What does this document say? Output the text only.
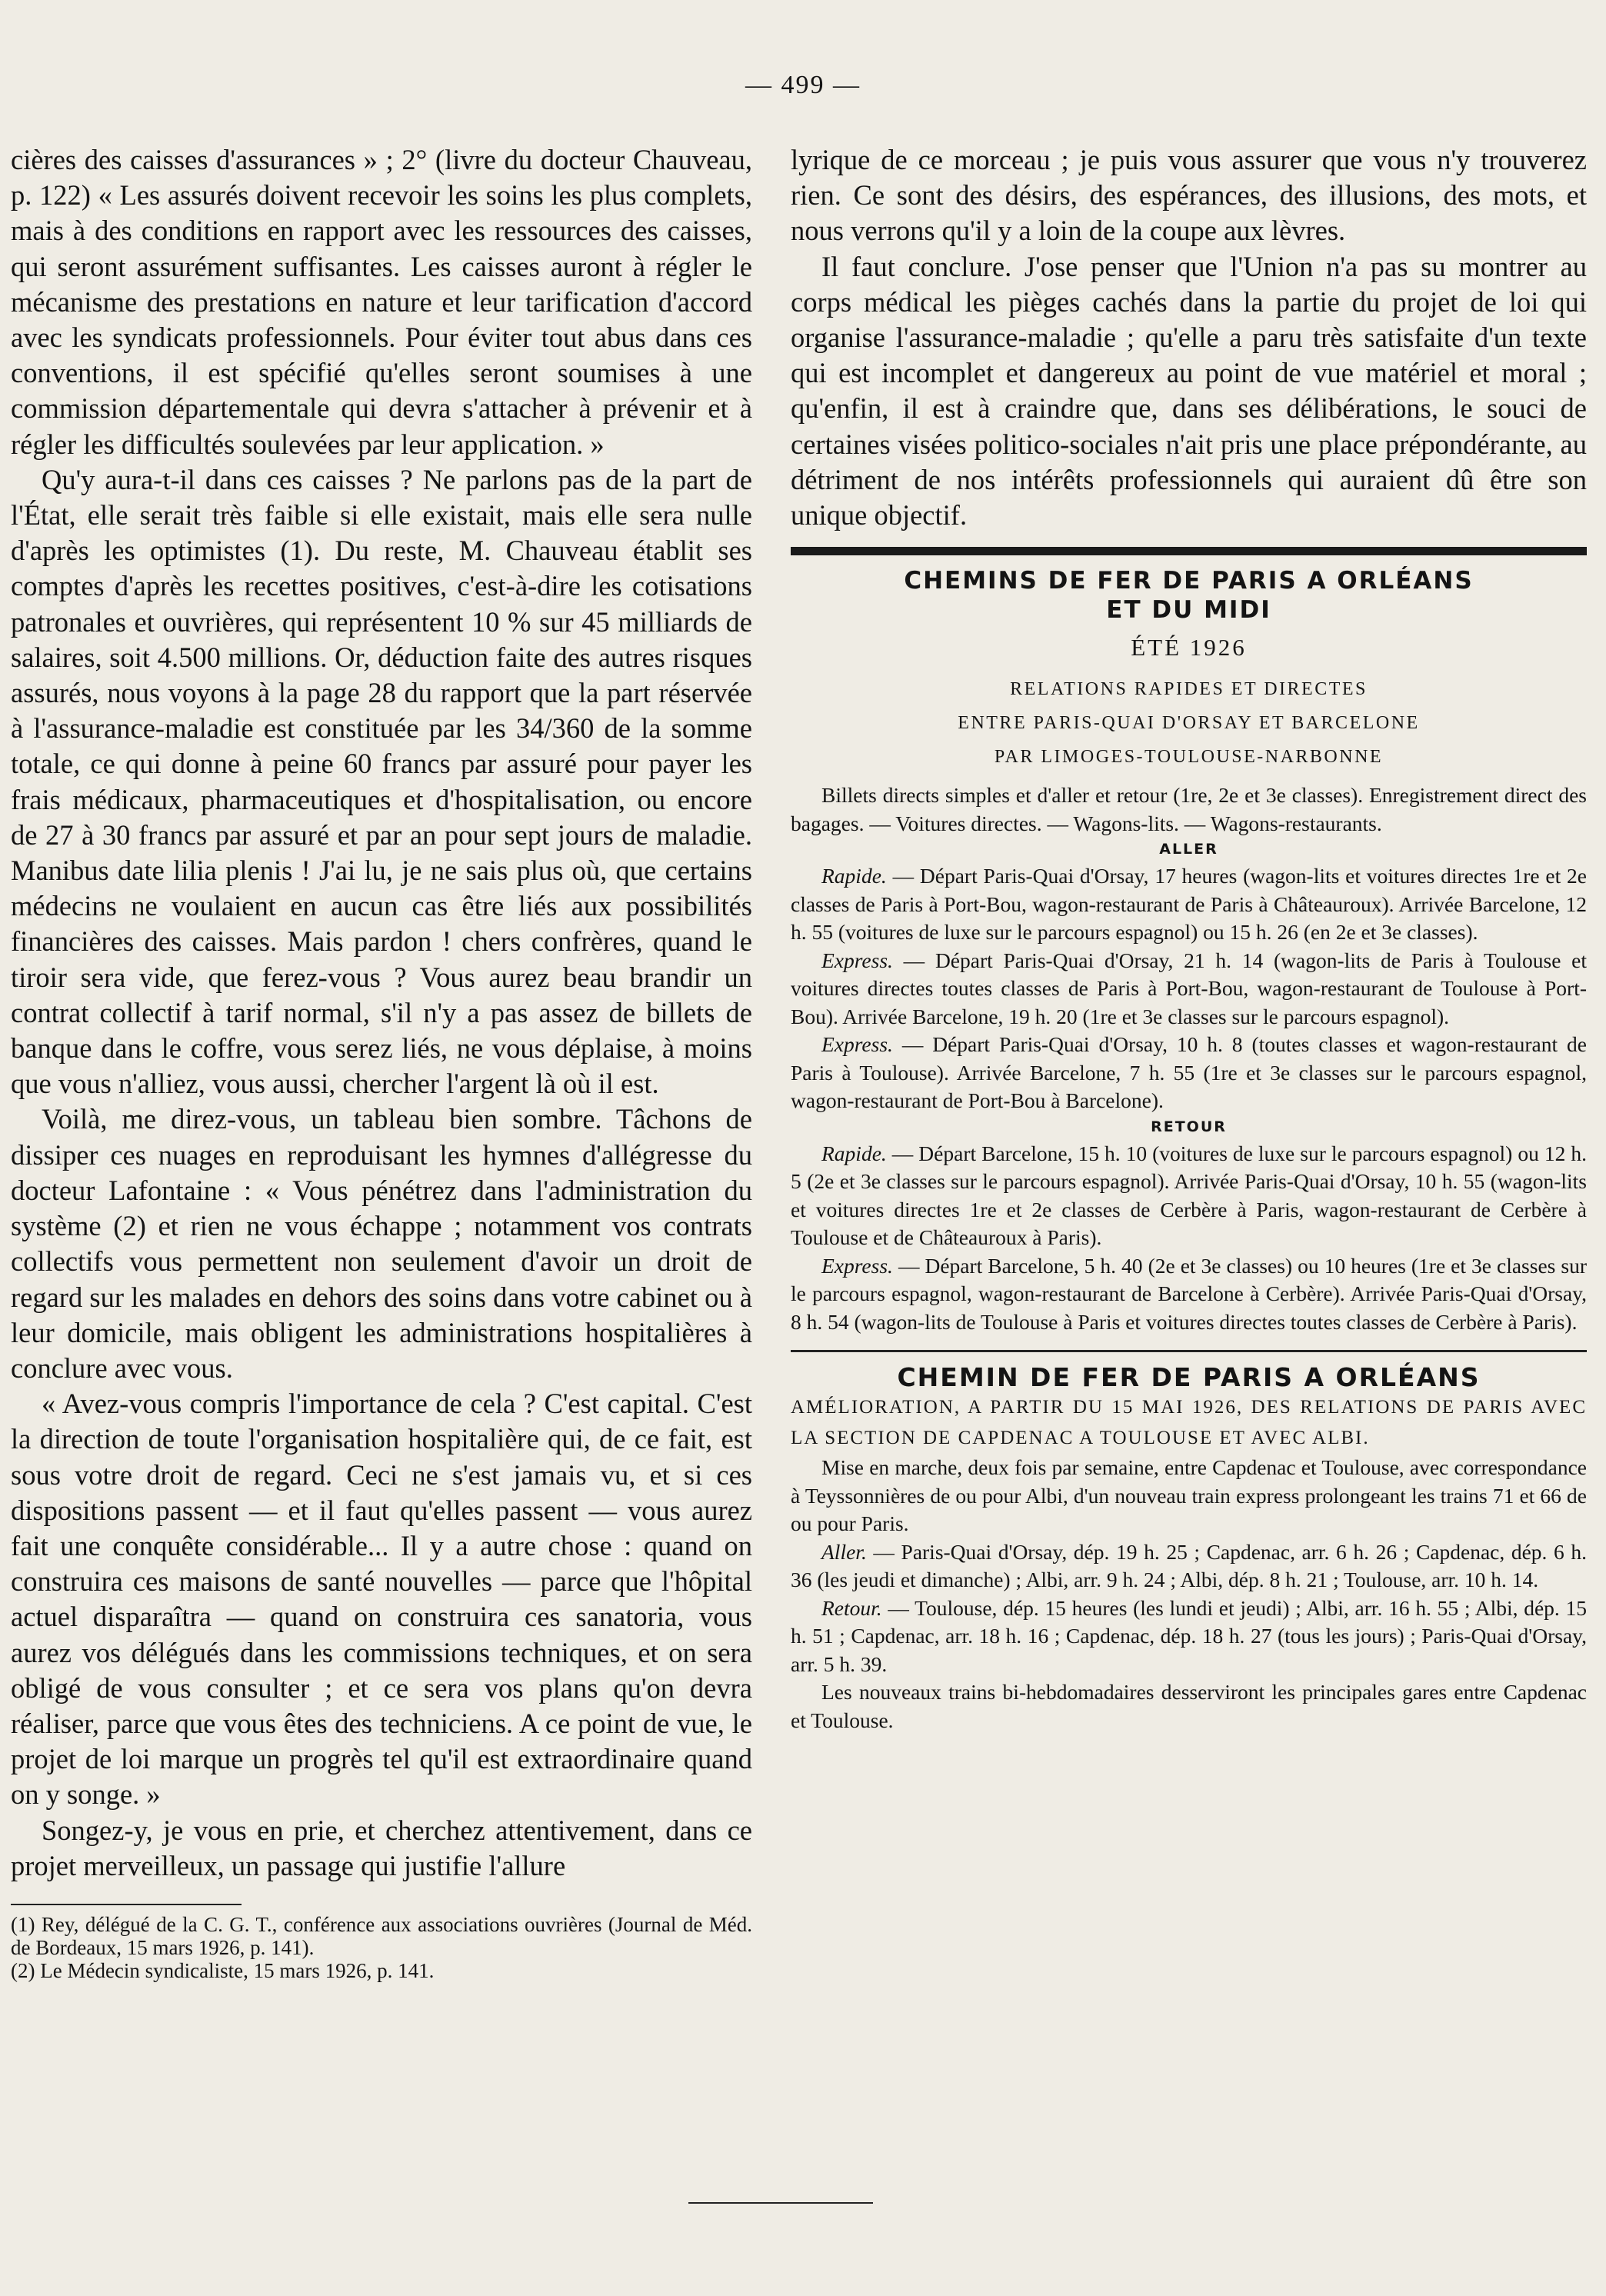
— 499 —

cières des caisses d'assurances » ; 2° (livre du docteur Chauveau, p. 122) « Les assurés doivent recevoir les soins les plus complets, mais à des conditions en rapport avec les ressources des caisses, qui seront assurément suffisantes. Les caisses auront à régler le mécanisme des prestations en nature et leur tarification d'accord avec les syndicats professionnels. Pour éviter tout abus dans ces conventions, il est spécifié qu'elles seront soumises à une commission départementale qui devra s'attacher à prévenir et à régler les difficultés soulevées par leur application. »

Qu'y aura-t-il dans ces caisses ? Ne parlons pas de la part de l'État, elle serait très faible si elle existait, mais elle sera nulle d'après les optimistes (1). Du reste, M. Chauveau établit ses comptes d'après les recettes positives, c'est-à-dire les cotisations patronales et ouvrières, qui représentent 10 % sur 45 milliards de salaires, soit 4.500 millions. Or, déduction faite des autres risques assurés, nous voyons à la page 28 du rapport que la part réservée à l'assurance-maladie est constituée par les 34/360 de la somme totale, ce qui donne à peine 60 francs par assuré pour payer les frais médicaux, pharmaceutiques et d'hospitalisation, ou encore de 27 à 30 francs par assuré et par an pour sept jours de maladie. Manibus date lilia plenis ! J'ai lu, je ne sais plus où, que certains médecins ne voulaient en aucun cas être liés aux possibilités financières des caisses. Mais pardon ! chers confrères, quand le tiroir sera vide, que ferez-vous ? Vous aurez beau brandir un contrat collectif à tarif normal, s'il n'y a pas assez de billets de banque dans le coffre, vous serez liés, ne vous déplaise, à moins que vous n'alliez, vous aussi, chercher l'argent là où il est.

Voilà, me direz-vous, un tableau bien sombre. Tâchons de dissiper ces nuages en reproduisant les hymnes d'allégresse du docteur Lafontaine : « Vous pénétrez dans l'administration du système (2) et rien ne vous échappe ; notamment vos contrats collectifs vous permettent non seulement d'avoir un droit de regard sur les malades en dehors des soins dans votre cabinet ou à leur domicile, mais obligent les administrations hospitalières à conclure avec vous.

« Avez-vous compris l'importance de cela ? C'est capital. C'est la direction de toute l'organisation hospitalière qui, de ce fait, est sous votre droit de regard. Ceci ne s'est jamais vu, et si ces dispositions passent — et il faut qu'elles passent — vous aurez fait une conquête considérable... Il y a autre chose : quand on construira ces maisons de santé nouvelles — parce que l'hôpital actuel disparaîtra — quand on construira ces sanatoria, vous aurez vos délégués dans les commissions techniques, et on sera obligé de vous consulter ; et ce sera vos plans qu'on devra réaliser, parce que vous êtes des techniciens. A ce point de vue, le projet de loi marque un progrès tel qu'il est extraordinaire quand on y songe. »

Songez-y, je vous en prie, et cherchez attentivement, dans ce projet merveilleux, un passage qui justifie l'allure

(1) Rey, délégué de la C. G. T., conférence aux associations ouvrières (Journal de Méd. de Bordeaux, 15 mars 1926, p. 141).

(2) Le Médecin syndicaliste, 15 mars 1926, p. 141.

lyrique de ce morceau ; je puis vous assurer que vous n'y trouverez rien. Ce sont des désirs, des espérances, des illusions, des mots, et nous verrons qu'il y a loin de la coupe aux lèvres.

Il faut conclure. J'ose penser que l'Union n'a pas su montrer au corps médical les pièges cachés dans la partie du projet de loi qui organise l'assurance-maladie ; qu'elle a paru très satisfaite d'un texte qui est incomplet et dangereux au point de vue matériel et moral ; qu'enfin, il est à craindre que, dans ses délibérations, le souci de certaines visées politico-sociales n'ait pris une place prépondérante, au détriment de nos intérêts professionnels qui auraient dû être son unique objectif.

CHEMINS DE FER DE PARIS A ORLÉANS
ET DU MIDI
ÉTÉ 1926
RELATIONS RAPIDES ET DIRECTES
ENTRE PARIS-QUAI D'ORSAY ET BARCELONE
PAR LIMOGES-TOULOUSE-NARBONNE

Billets directs simples et d'aller et retour (1re, 2e et 3e classes). Enregistrement direct des bagages. — Voitures directes. — Wagons-lits. — Wagons-restaurants.

ALLER

Rapide. — Départ Paris-Quai d'Orsay, 17 heures (wagon-lits et voitures directes 1re et 2e classes de Paris à Port-Bou, wagon-restaurant de Paris à Châteauroux). Arrivée Barcelone, 12 h. 55 (voitures de luxe sur le parcours espagnol) ou 15 h. 26 (en 2e et 3e classes).

Express. — Départ Paris-Quai d'Orsay, 21 h. 14 (wagon-lits de Paris à Toulouse et voitures directes toutes classes de Paris à Port-Bou, wagon-restaurant de Toulouse à Port-Bou). Arrivée Barcelone, 19 h. 20 (1re et 3e classes sur le parcours espagnol).

Express. — Départ Paris-Quai d'Orsay, 10 h. 8 (toutes classes et wagon-restaurant de Paris à Toulouse). Arrivée Barcelone, 7 h. 55 (1re et 3e classes sur le parcours espagnol, wagon-restaurant de Port-Bou à Barcelone).

RETOUR

Rapide. — Départ Barcelone, 15 h. 10 (voitures de luxe sur le parcours espagnol) ou 12 h. 5 (2e et 3e classes sur le parcours espagnol). Arrivée Paris-Quai d'Orsay, 10 h. 55 (wagon-lits et voitures directes 1re et 2e classes de Cerbère à Paris, wagon-restaurant de Cerbère à Toulouse et de Châteauroux à Paris).

Express. — Départ Barcelone, 5 h. 40 (2e et 3e classes) ou 10 heures (1re et 3e classes sur le parcours espagnol, wagon-restaurant de Barcelone à Cerbère). Arrivée Paris-Quai d'Orsay, 8 h. 54 (wagon-lits de Toulouse à Paris et voitures directes toutes classes de Cerbère à Paris).

CHEMIN DE FER DE PARIS A ORLÉANS

AMÉLIORATION, A PARTIR DU 15 MAI 1926, DES RELATIONS DE PARIS AVEC LA SECTION DE CAPDENAC A TOULOUSE ET AVEC ALBI.

Mise en marche, deux fois par semaine, entre Capdenac et Toulouse, avec correspondance à Teyssonnières de ou pour Albi, d'un nouveau train express prolongeant les trains 71 et 66 de ou pour Paris.

Aller. — Paris-Quai d'Orsay, dép. 19 h. 25 ; Capdenac, arr. 6 h. 26 ; Capdenac, dép. 6 h. 36 (les jeudi et dimanche) ; Albi, arr. 9 h. 24 ; Albi, dép. 8 h. 21 ; Toulouse, arr. 10 h. 14.

Retour. — Toulouse, dép. 15 heures (les lundi et jeudi) ; Albi, arr. 16 h. 55 ; Albi, dép. 15 h. 51 ; Capdenac, arr. 18 h. 16 ; Capdenac, dép. 18 h. 27 (tous les jours) ; Paris-Quai d'Orsay, arr. 5 h. 39.

Les nouveaux trains bi-hebdomadaires desserviront les principales gares entre Capdenac et Toulouse.
